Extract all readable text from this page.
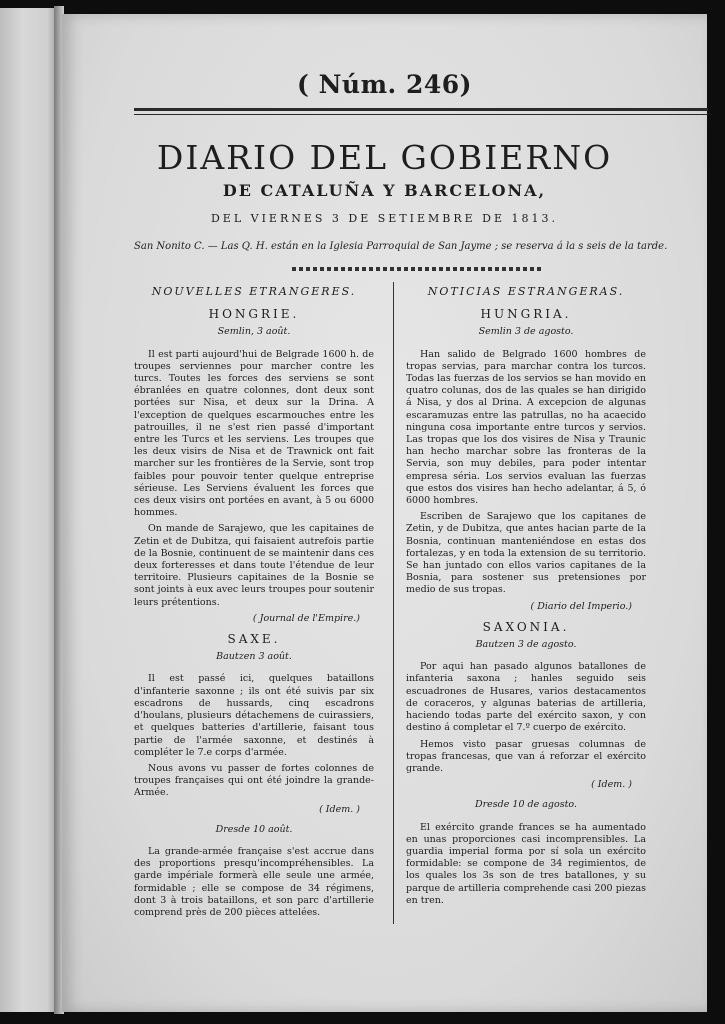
( Núm. 246)
DIARIO DEL GOBIERNO
DE CATALUÑA Y BARCELONA,
DEL VIERNES 3 DE SETIEMBRE DE 1813.
San Nonito C. — Las Q. H. están en la Iglesia Parroquial de San Jayme ; se reserva á la s seis de la tarde.
NOUVELLES ETRANGERES.
HONGRIE.
Semlin, 3 août.

Il est parti aujourd'hui de Belgrade 1600 h. de troupes serviennes pour marcher contre les turcs. Toutes les forces des serviens se sont ébranlées en quatre colonnes, dont deux sont portées sur Nisa, et deux sur la Drina. A l'exception de quelques escarmouches entre les patrouilles, il ne s'est rien passé d'important entre les Turcs et les serviens. Les troupes que les deux visirs de Nisa et de Trawnick ont fait marcher sur les frontières de la Servie, sont trop faibles pour pouvoir tenter quelque entreprise sérieuse. Les Serviens évaluent les forces que ces deux visirs ont portées en avant, à 5 ou 6000 hommes.

On mande de Sarajewo, que les capitaines de Zetin et de Dubitza, qui faisaient autrefois partie de la Bosnie, continuent de se maintenir dans ces deux forteresses et dans toute l'étendue de leur territoire. Plusieurs capitaines de la Bosnie se sont joints à eux avec leurs troupes pour soutenir leurs prétentions.

( Journal de l'Empire.)
SAXE.
Bautzen 3 août.

Il est passé ici, quelques bataillons d'infanterie saxonne ; ils ont été suivis par six escadrons de hussards, cinq escadrons d'houlans, plusieurs détachemens de cuirassiers, et quelques batteries d'artillerie, faisant tous partie de l'armée saxonne, et destinés à compléter le 7.e corps d'armée.

Nous avons vu passer de fortes colonnes de troupes françaises qui ont été joindre la grande-Armée.

( Idem. )
Dresde 10 août.

La grande-armée française s'est accrue dans des proportions presqu'incompréhensibles. La garde impériale formerà elle seule une armée, formidable ; elle se compose de 34 régimens, dont 3 à trois bataillons, et son parc d'artillerie comprend près de 200 pièces attelées.

NOTICIAS ESTRANGERAS.
HUNGRIA.
Semlin 3 de agosto.

Han salido de Belgrado 1600 hombres de tropas servias, para marchar contra los turcos. Todas las fuerzas de los servios se han movido en quatro colunas, dos de las quales se han dirigido á Nisa, y dos al Drina. A excepcion de algunas escaramuzas entre las patrullas, no ha acaecido ninguna cosa importante entre turcos y servios. Las tropas que los dos visires de Nisa y Traunic han hecho marchar sobre las fronteras de la Servia, son muy debiles, para poder intentar empresa séria. Los servios evaluan las fuerzas que estos dos visires han hecho adelantar, á 5, ó 6000 hombres.

Escriben de Sarajewo que los capitanes de Zetin, y de Dubitza, que antes hacian parte de la Bosnia, continuan manteniéndose en estas dos fortalezas, y en toda la extension de su territorio. Se han juntado con ellos varios capitanes de la Bosnia, para sostener sus pretensiones por medio de sus tropas.

( Diario del Imperio.)
SAXONIA.
Bautzen 3 de agosto.

Por aqui han pasado algunos batallones de infanteria saxona ; hanles seguido seis escuadrones de Husares, varios destacamentos de coraceros, y algunas baterias de artilleria, haciendo todas parte del exército saxon, y con destino á completar el 7.º cuerpo de exército.

Hemos visto pasar gruesas columnas de tropas francesas, que van á reforzar el exército grande.

( Idem. )
Dresde 10 de agosto.

El exército grande frances se ha aumentado en unas proporciones casi incomprensibles. La guardia imperial forma por sí sola un exército formidable: se compone de 34 regimientos, de los quales los 3s son de tres batallones, y su parque de artilleria comprehende casi 200 piezas en tren.
